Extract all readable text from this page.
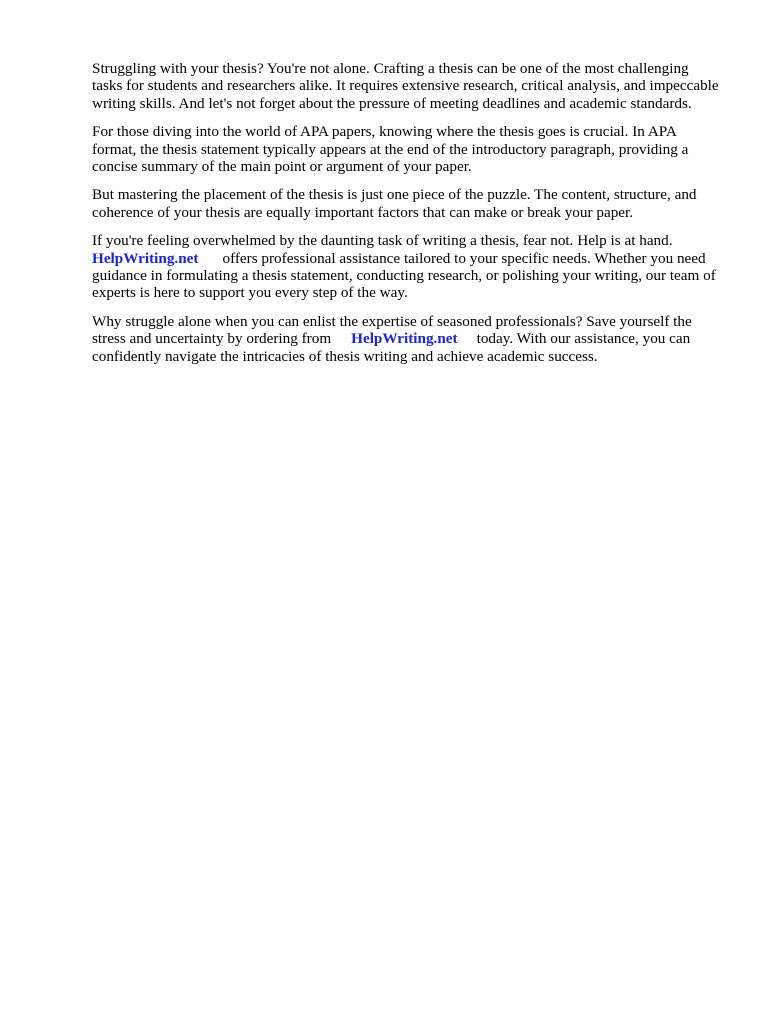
Struggling with your thesis? You're not alone. Crafting a thesis can be one of the most challenging tasks for students and researchers alike. It requires extensive research, critical analysis, and impeccable writing skills. And let's not forget about the pressure of meeting deadlines and academic standards.

For those diving into the world of APA papers, knowing where the thesis goes is crucial. In APA format, the thesis statement typically appears at the end of the introductory paragraph, providing a concise summary of the main point or argument of your paper.

But mastering the placement of the thesis is just one piece of the puzzle. The content, structure, and coherence of your thesis are equally important factors that can make or break your paper.

If you're feeling overwhelmed by the daunting task of writing a thesis, fear not. Help is at hand.
HelpWriting.net offers professional assistance tailored to your specific needs. Whether you need guidance in formulating a thesis statement, conducting research, or polishing your writing, our team of experts is here to support you every step of the way.

Why struggle alone when you can enlist the expertise of seasoned professionals? Save yourself the stress and uncertainty by ordering from HelpWriting.net today. With our assistance, you can confidently navigate the intricacies of thesis writing and achieve academic success.
